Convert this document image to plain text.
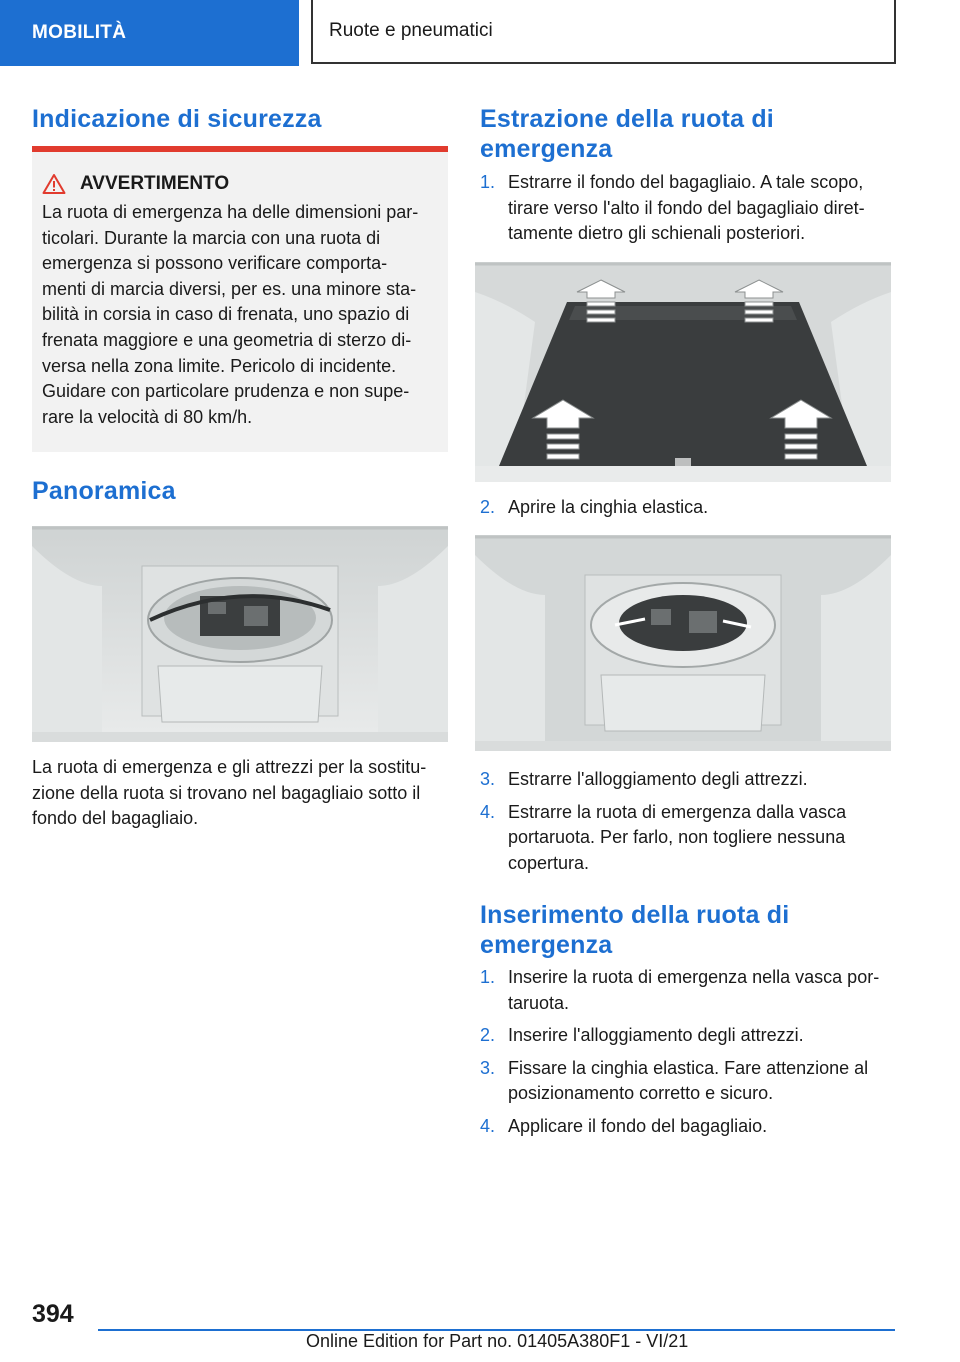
MOBILITÀ	Ruote e pneumatici
Indicazione di sicurezza
AVVERTIMENTO
La ruota di emergenza ha delle dimensioni par-
ticolari. Durante la marcia con una ruota di
emergenza si possono verificare comporta-
menti di marcia diversi, per es. una minore sta-
bilità in corsia in caso di frenata, uno spazio di
frenata maggiore e una geometria di sterzo di-
versa nella zona limite. Pericolo di incidente.
Guidare con particolare prudenza e non supe-
rare la velocità di 80 km/h.
Panoramica
La ruota di emergenza e gli attrezzi per la sostitu-
zione della ruota si trovano nel bagagliaio sotto il
fondo del bagagliaio.
Estrazione della ruota di
emergenza
1. Estrarre il fondo del bagagliaio. A tale scopo,
tirare verso l'alto il fondo del bagagliaio diret-
tamente dietro gli schienali posteriori.
2. Aprire la cinghia elastica.
3. Estrarre l'alloggiamento degli attrezzi.
4. Estrarre la ruota di emergenza dalla vasca
portaruota. Per farlo, non togliere nessuna
copertura.
Inserimento della ruota di
emergenza
1. Inserire la ruota di emergenza nella vasca por-
taruota.
2. Inserire l'alloggiamento degli attrezzi.
3. Fissare la cinghia elastica. Fare attenzione al
posizionamento corretto e sicuro.
4. Applicare il fondo del bagagliaio.
394
Online Edition for Part no. 01405A380F1 - VI/21
